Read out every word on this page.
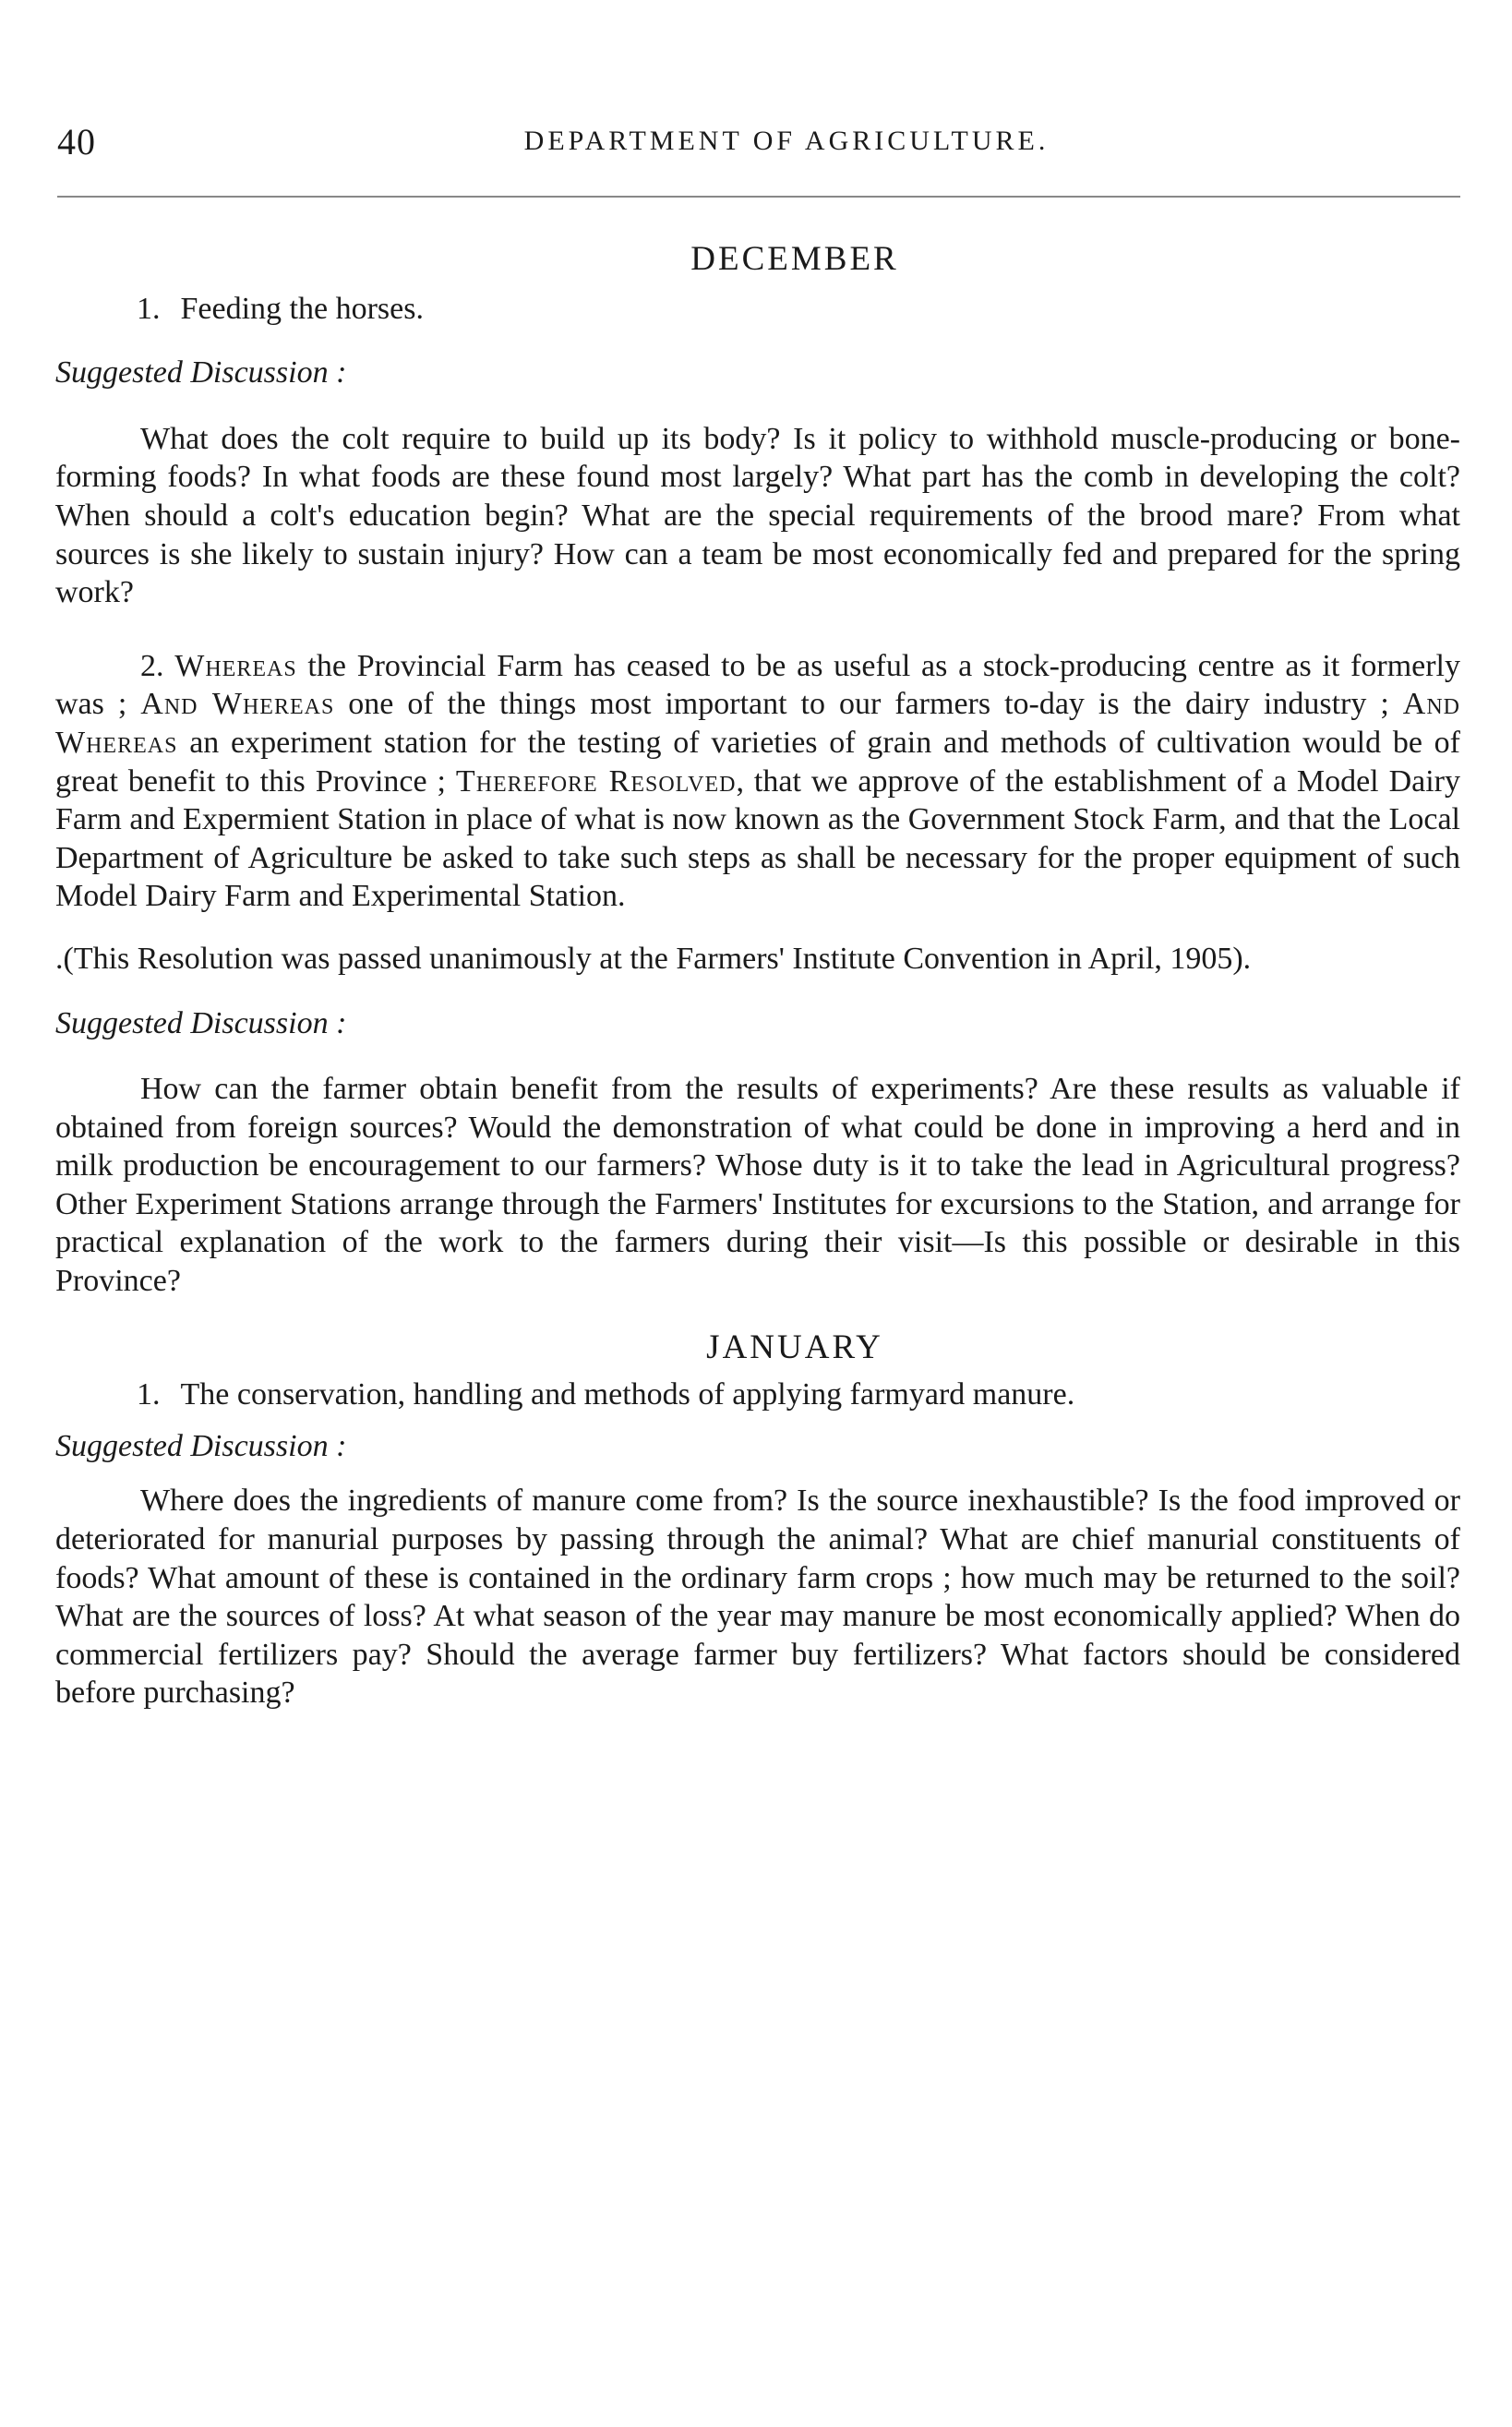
40	DEPARTMENT OF AGRICULTURE.

DECEMBER

1. Feeding the horses.

Suggested Discussion :

What does the colt require to build up its body? Is it policy to withhold muscle-producing or bone-forming foods? In what foods are these found most largely? What part has the comb in developing the colt? When should a colt's education begin? What are the special requirements of the brood mare? From what sources is she likely to sustain injury? How can a team be most economically fed and prepared for the spring work?

2. Whereas the Provincial Farm has ceased to be as useful as a stock-producing centre as it formerly was ; And Whereas one of the things most important to our farmers to-day is the dairy industry ; And Whereas an experiment station for the testing of varieties of grain and methods of cultivation would be of great benefit to this Province ; Therefore Resolved, that we approve of the establishment of a Model Dairy Farm and Expermient Station in place of what is now known as the Government Stock Farm, and that the Local Department of Agriculture be asked to take such steps as shall be necessary for the proper equipment of such Model Dairy Farm and Experimental Station.

.(This Resolution was passed unanimously at the Farmers' Institute Convention in April, 1905).

Suggested Discussion :

How can the farmer obtain benefit from the results of experiments? Are these results as valuable if obtained from foreign sources? Would the demonstration of what could be done in improving a herd and in milk production be encouragement to our farmers? Whose duty is it to take the lead in Agricultural progress? Other Experiment Stations arrange through the Farmers' Institutes for excursions to the Station, and arrange for practical explanation of the work to the farmers during their visit—Is this possible or desirable in this Province?

JANUARY

1. The conservation, handling and methods of applying farmyard manure.

Suggested Discussion :

Where does the ingredients of manure come from? Is the source inexhaustible? Is the food improved or deteriorated for manurial purposes by passing through the animal? What are chief manurial constituents of foods? What amount of these is contained in the ordinary farm crops ; how much may be returned to the soil? What are the sources of loss? At what season of the year may manure be most economically applied? When do commercial fertilizers pay? Should the average farmer buy fertilizers? What factors should be considered before purchasing?
